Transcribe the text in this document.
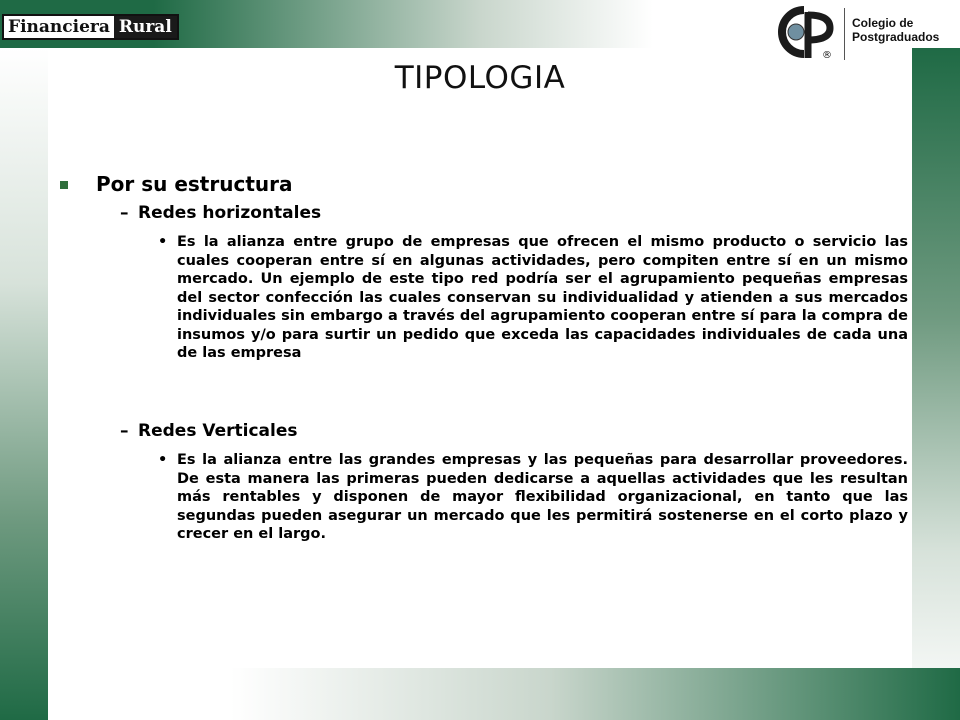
Financiera Rural
®
Colegio de
Postgraduados
TIPOLOGIA
Por su estructura
– Redes horizontales
• Es la alianza entre grupo de empresas que ofrecen el mismo producto o servicio las cuales cooperan entre sí en algunas actividades, pero compiten entre sí en un mismo mercado. Un ejemplo de este tipo red podría ser el agrupamiento pequeñas empresas del sector confección las cuales conservan su individualidad y atienden a sus mercados individuales sin embargo a través del agrupamiento cooperan entre sí para la compra de insumos y/o para surtir un pedido que exceda las capacidades individuales de cada una de las empresa
– Redes Verticales
• Es la alianza entre las grandes empresas y las pequeñas para desarrollar proveedores. De esta manera las primeras pueden dedicarse a aquellas actividades que les resultan más rentables y disponen de mayor flexibilidad organizacional, en tanto que las segundas pueden asegurar un mercado que les permitirá sostenerse en el corto plazo y crecer en el largo.
